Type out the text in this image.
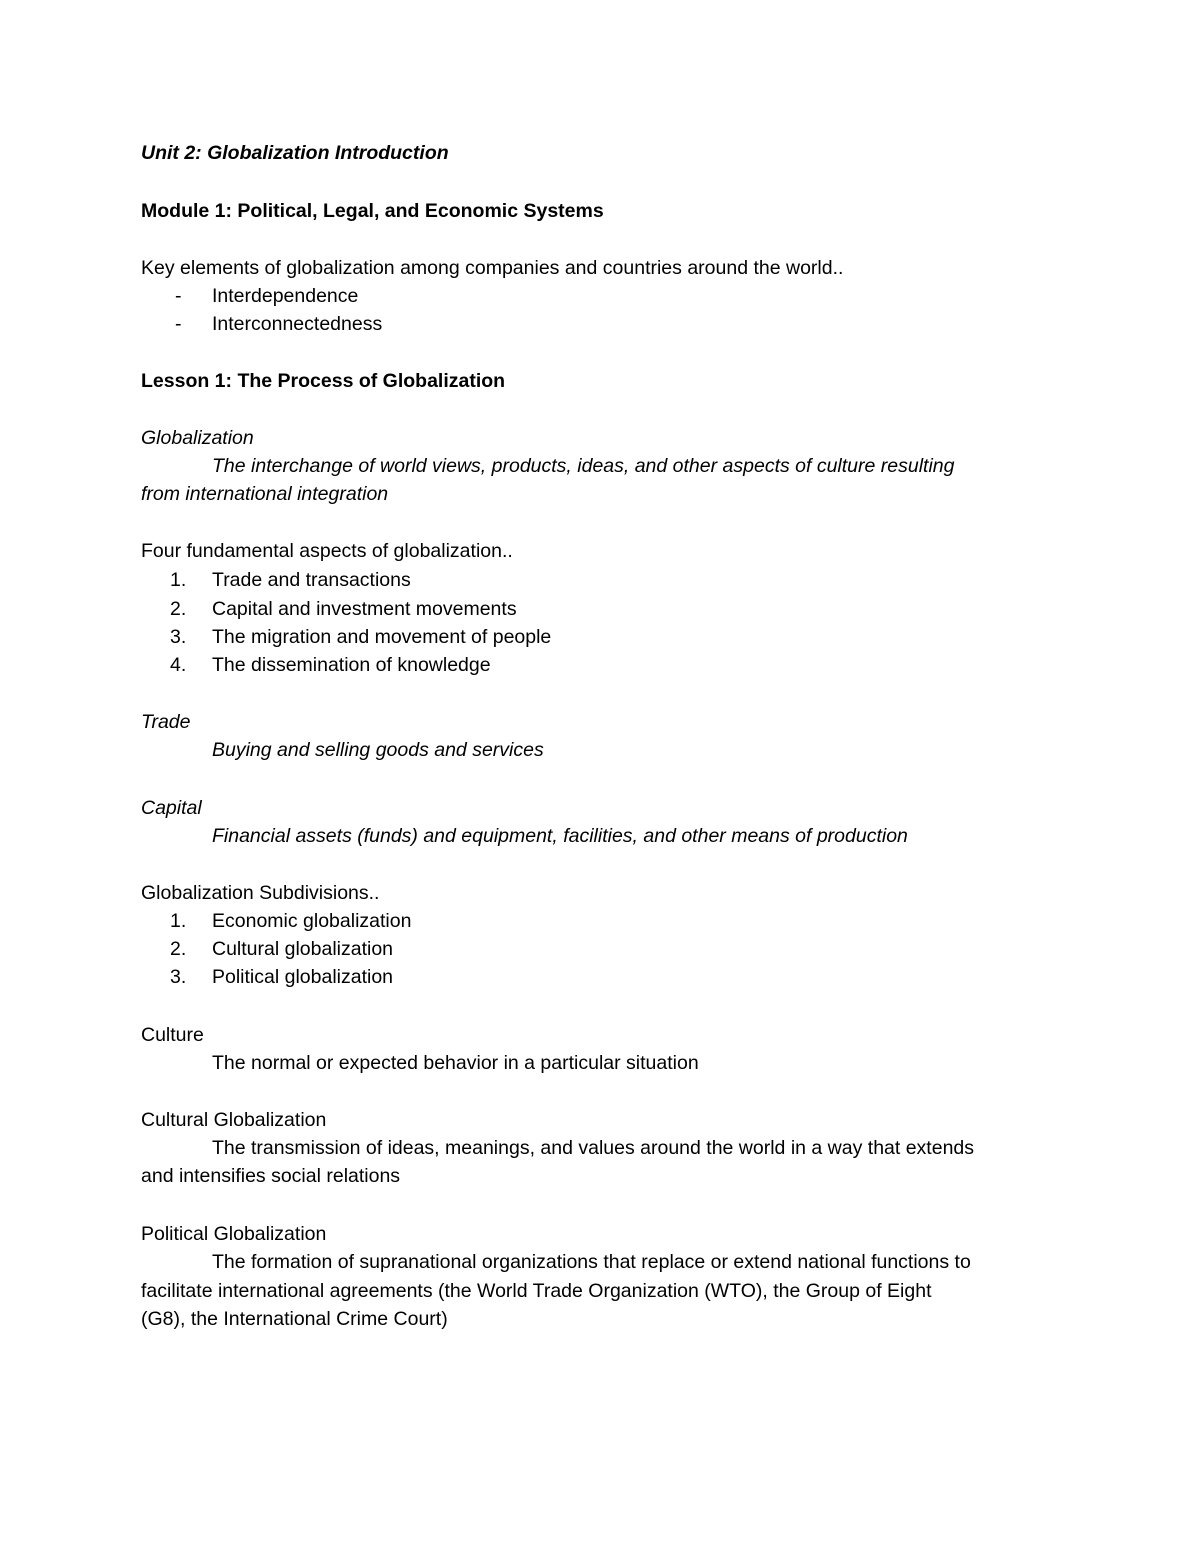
Unit 2: Globalization Introduction
Module 1: Political, Legal, and Economic Systems
Key elements of globalization among companies and countries around the world..
-	Interdependence
-	Interconnectedness
Lesson 1: The Process of Globalization
Globalization
The interchange of world views, products, ideas, and other aspects of culture resulting
from international integration
Four fundamental aspects of globalization..
1.	Trade and transactions
2.	Capital and investment movements
3.	The migration and movement of people
4.	The dissemination of knowledge
Trade
Buying and selling goods and services
Capital
Financial assets (funds) and equipment, facilities, and other means of production
Globalization Subdivisions..
1.	Economic globalization
2.	Cultural globalization
3.	Political globalization
Culture
The normal or expected behavior in a particular situation
Cultural Globalization
The transmission of ideas, meanings, and values around the world in a way that extends
and intensifies social relations
Political Globalization
The formation of supranational organizations that replace or extend national functions to
facilitate international agreements (the World Trade Organization (WTO), the Group of Eight
(G8), the International Crime Court)
